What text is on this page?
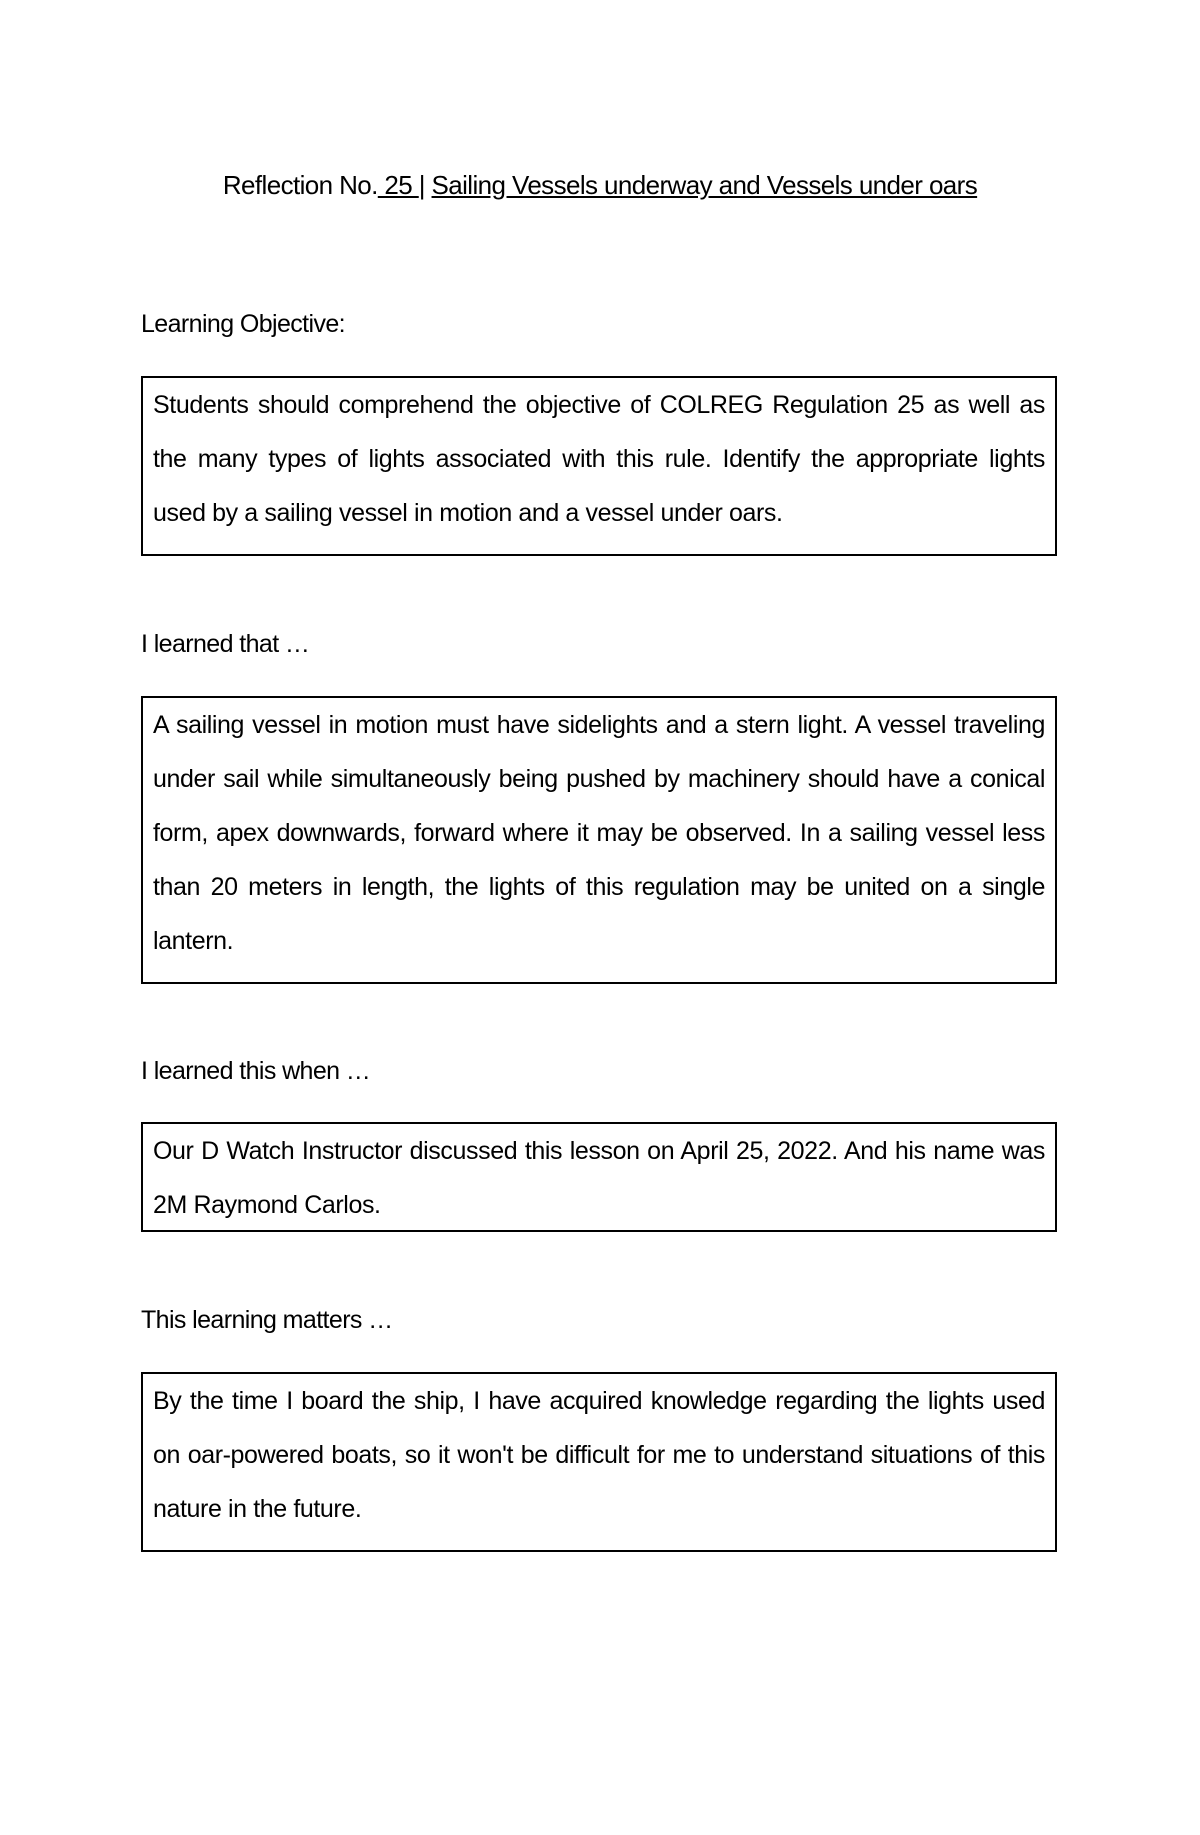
Reflection No. 25 | Sailing Vessels underway and Vessels under oars
Learning Objective:

Students should comprehend the objective of COLREG Regulation 25 as well as the many types of lights associated with this rule. Identify the appropriate lights used by a sailing vessel in motion and a vessel under oars.

I learned that …

A sailing vessel in motion must have sidelights and a stern light. A vessel traveling under sail while simultaneously being pushed by machinery should have a conical form, apex downwards, forward where it may be observed. In a sailing vessel less than 20 meters in length, the lights of this regulation may be united on a single lantern.

I learned this when …

Our D Watch Instructor discussed this lesson on April 25, 2022. And his name was 2M Raymond Carlos.

This learning matters …

By the time I board the ship, I have acquired knowledge regarding the lights used on oar-powered boats, so it won't be difficult for me to understand situations of this nature in the future.
